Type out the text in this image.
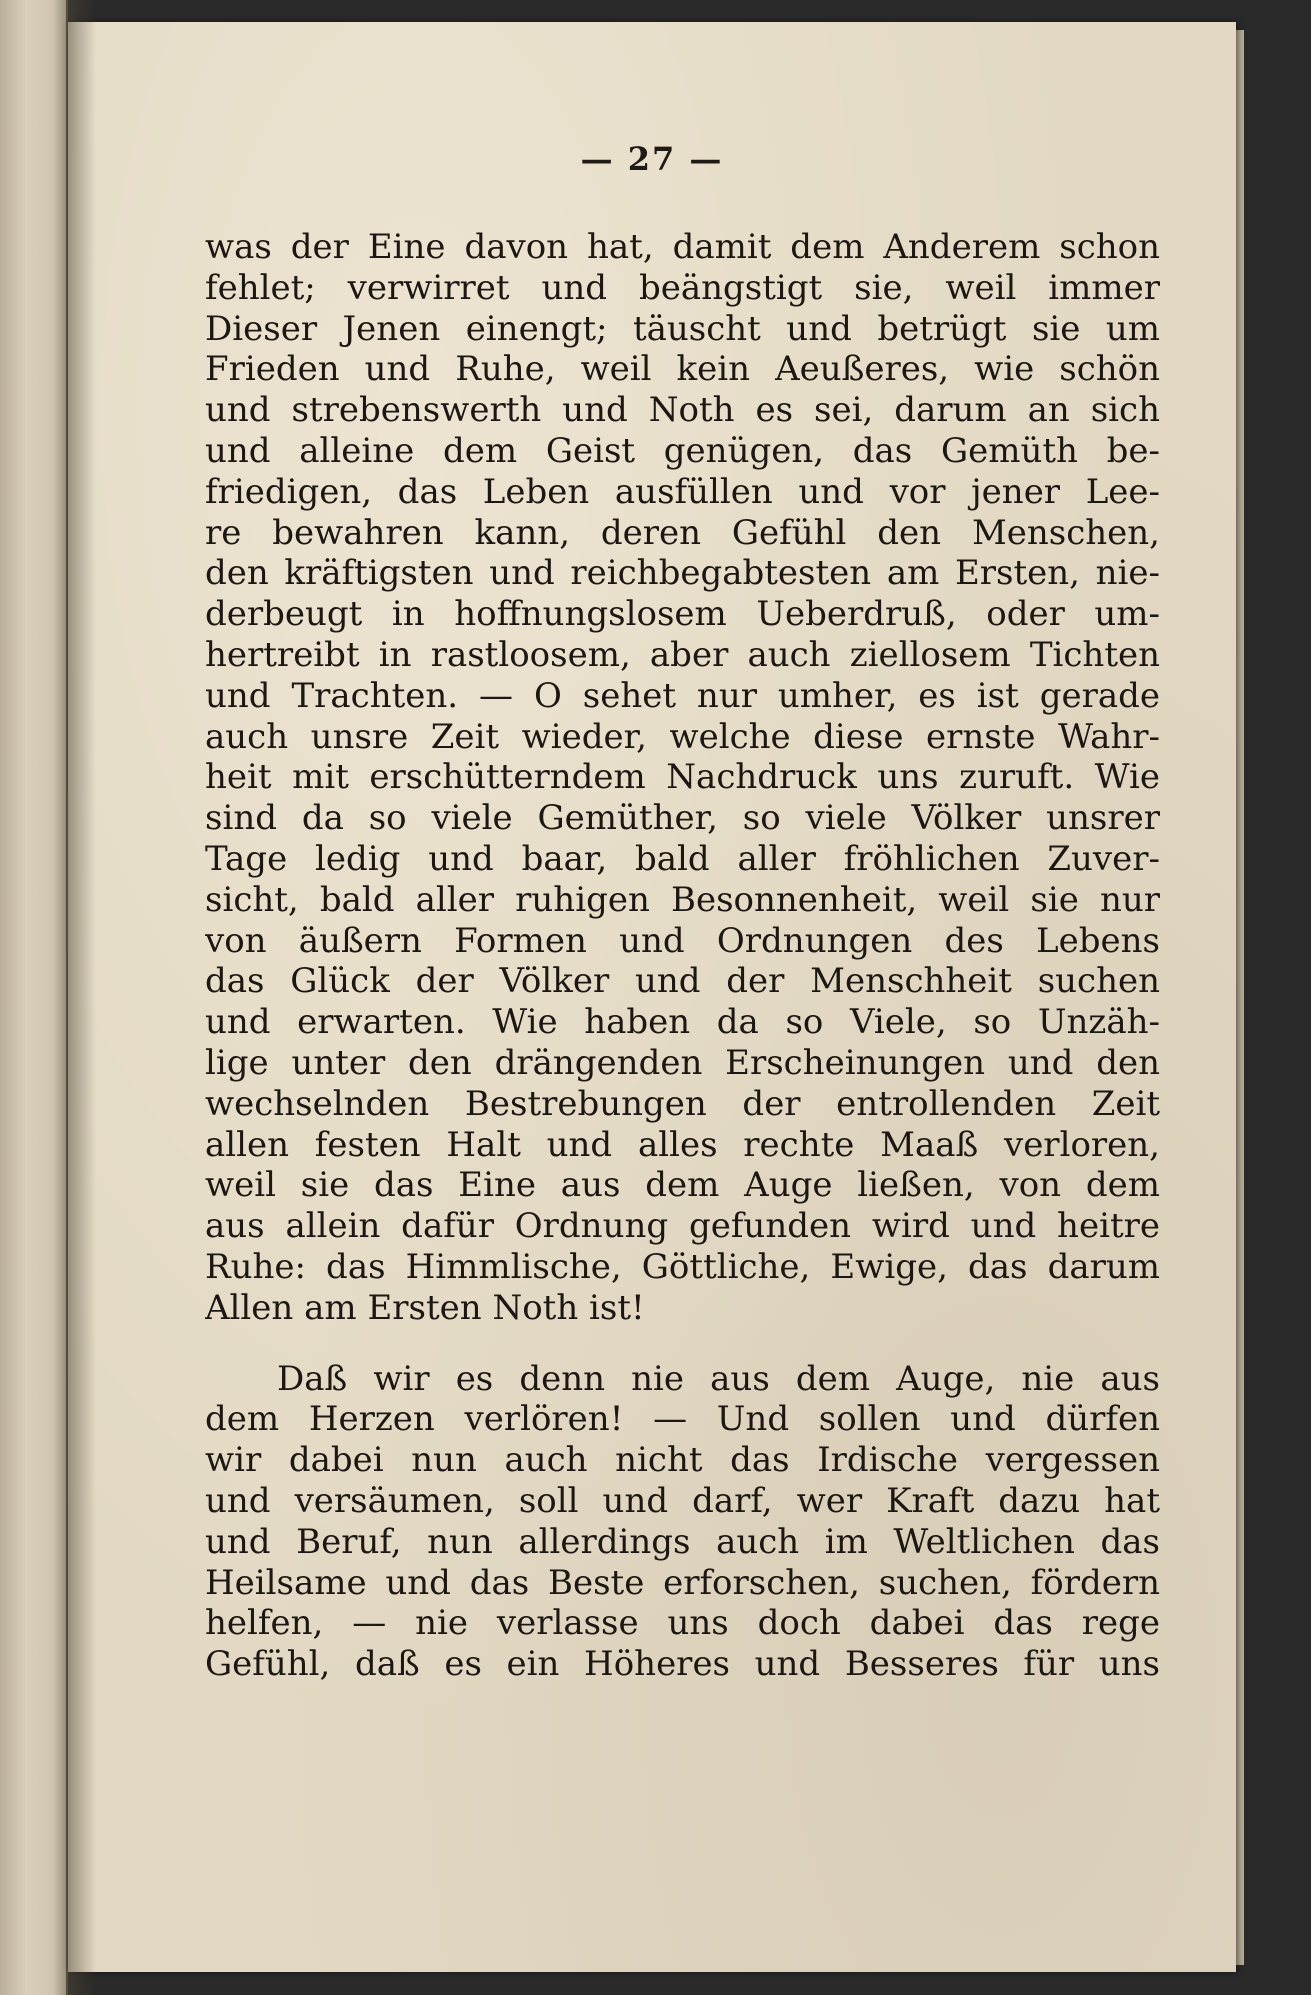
— 27 —
was der Eine davon hat, damit dem Anderem schon
fehlet; verwirret und beängstigt sie, weil immer
Dieser Jenen einengt; täuscht und betrügt sie um
Frieden und Ruhe, weil kein Aeußeres, wie schön
und strebenswerth und Noth es sei, darum an sich
und alleine dem Geist genügen, das Gemüth be-
friedigen, das Leben ausfüllen und vor jener Lee-
re bewahren kann, deren Gefühl den Menschen,
den kräftigsten und reichbegabtesten am Ersten, nie-
derbeugt in hoffnungslosem Ueberdruß, oder um-
hertreibt in rastloosem, aber auch ziellosem Tichten
und Trachten. — O sehet nur umher, es ist gerade
auch unsre Zeit wieder, welche diese ernste Wahr-
heit mit erschütterndem Nachdruck uns zuruft. Wie
sind da so viele Gemüther, so viele Völker unsrer
Tage ledig und baar, bald aller fröhlichen Zuver-
sicht, bald aller ruhigen Besonnenheit, weil sie nur
von äußern Formen und Ordnungen des Lebens
das Glück der Völker und der Menschheit suchen
und erwarten. Wie haben da so Viele, so Unzäh-
lige unter den drängenden Erscheinungen und den
wechselnden Bestrebungen der entrollenden Zeit
allen festen Halt und alles rechte Maaß verloren,
weil sie das Eine aus dem Auge ließen, von dem
aus allein dafür Ordnung gefunden wird und heitre
Ruhe: das Himmlische, Göttliche, Ewige, das darum
Allen am Ersten Noth ist!
Daß wir es denn nie aus dem Auge, nie aus
dem Herzen verlören! — Und sollen und dürfen
wir dabei nun auch nicht das Irdische vergessen
und versäumen, soll und darf, wer Kraft dazu hat
und Beruf, nun allerdings auch im Weltlichen das
Heilsame und das Beste erforschen, suchen, fördern
helfen, — nie verlasse uns doch dabei das rege
Gefühl, daß es ein Höheres und Besseres für uns
